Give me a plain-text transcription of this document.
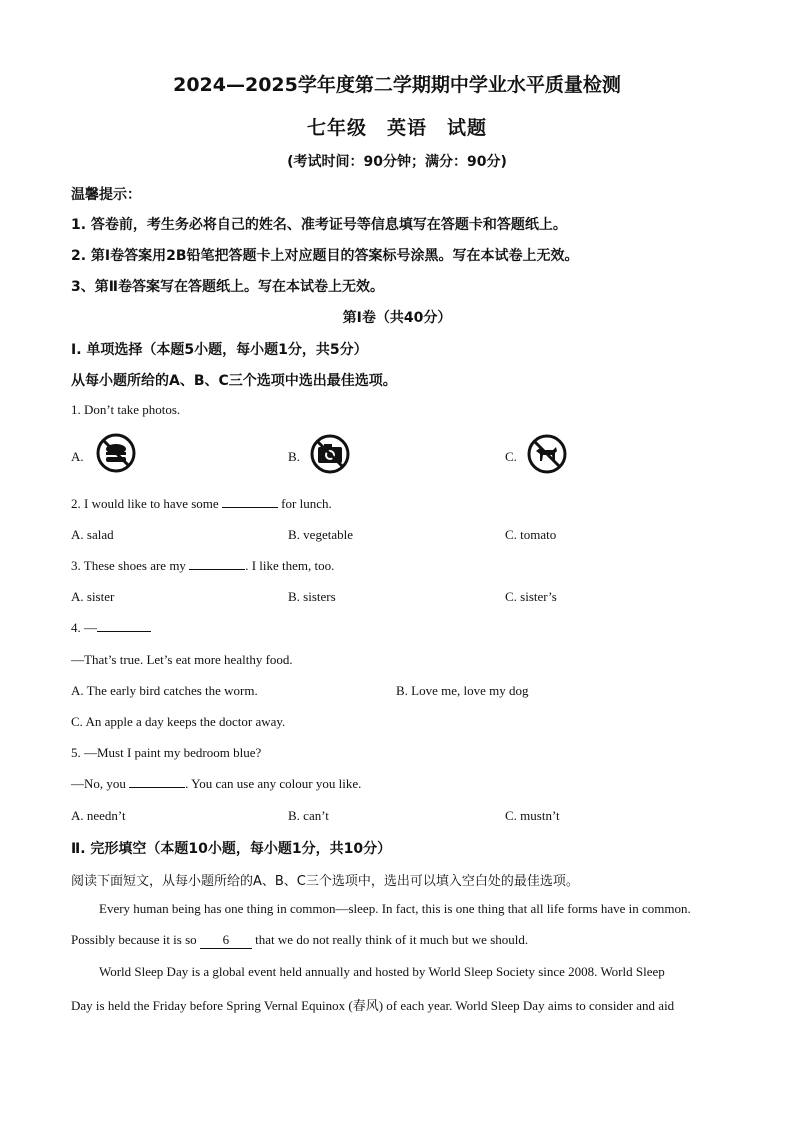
2024—2025学年度第二学期期中学业水平质量检测
七年级 英语 试题
(考试时间：90分钟；满分：90分)
温馨提示：
1. 答卷前，考生务必将自己的姓名、准考证号等信息填写在答题卡和答题纸上。
2. 第Ⅰ卷答案用2B铅笔把答题卡上对应题目的答案标号涂黑。写在本试卷上无效。
3、第Ⅱ卷答案写在答题纸上。写在本试卷上无效。
第Ⅰ卷（共40分）
I. 单项选择（本题5小题，每小题1分，共5分）
从每小题所给的A、B、C三个选项中选出最佳选项。
1. Don’t take photos.
A.	B.	C.
2. I would like to have some	for lunch.
A. salad	B. vegetable	C. tomato
3. These shoes are my	. I like them, too.
A. sister	B. sisters	C. sister’s
4. —
—That’s true. Let’s eat more healthy food.
A. The early bird catches the worm.	B. Love me, love my dog
C. An apple a day keeps the doctor away.
5. —Must I paint my bedroom blue?
—No, you	. You can use any colour you like.
A. needn’t	B. can’t	C. mustn’t
Ⅱ. 完形填空（本题10小题，每小题1分，共10分）
阅读下面短文，从每小题所给的A、B、C三个选项中，选出可以填入空白处的最佳选项。
Every human being has one thing in common—sleep. In fact, this is one thing that all life forms have in common.
Possibly because it is so 6 that we do not really think of it much but we should.
World Sleep Day is a global event held annually and hosted by World Sleep Society since 2008. World Sleep
Day is held the Friday before Spring Vernal Equinox (春风) of each year. World Sleep Day aims to consider and aid
